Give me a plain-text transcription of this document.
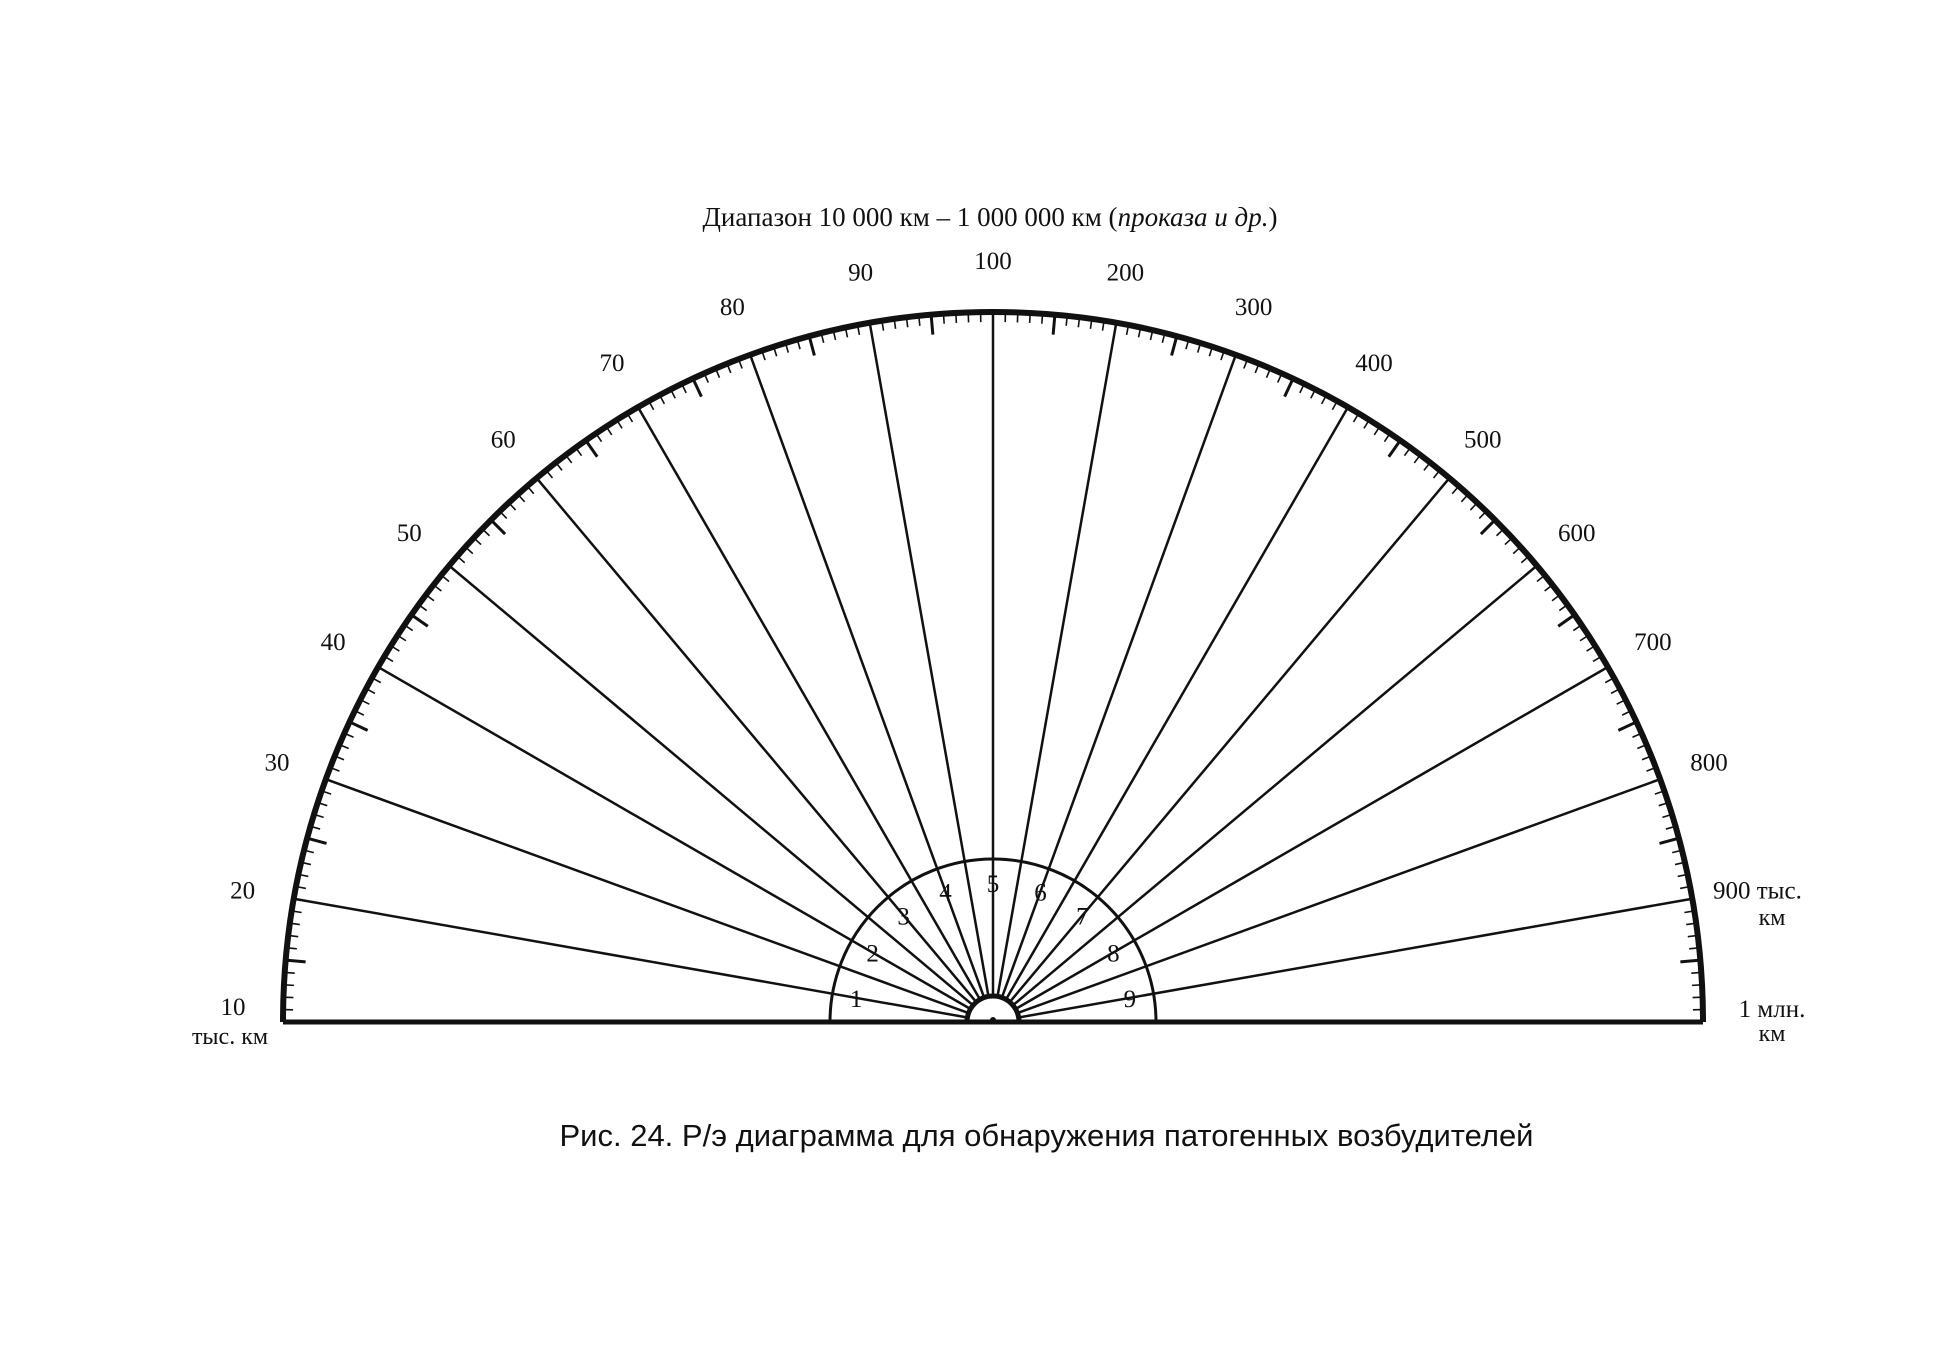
Диапазон 10 000 км – 1 000 000 км (проказа и др.)
10
20
30
40
50
60
70
80
90	100	200
300
400
500
600
700
800
900 тыс.
1 млн.
1
2
3
4 5 6
7
8
9
тыс. км
км
км
Рис. 24. Р/э диаграмма для обнаружения патогенных возбудителей
